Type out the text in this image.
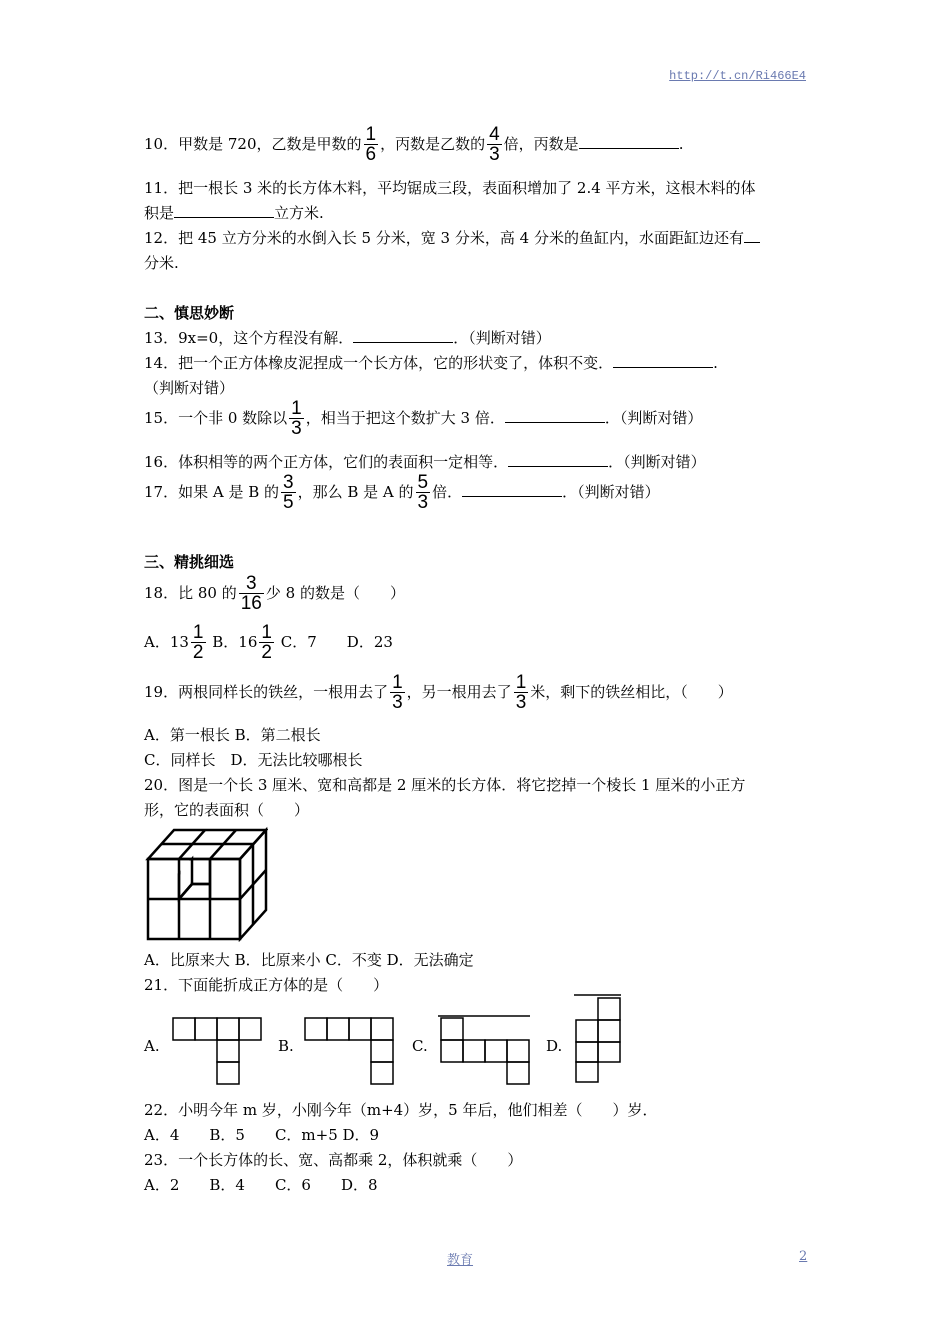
http://t.cn/Ri466E4
10．甲数是 720，乙数是甲数的 $\frac{1}{6}$ ，丙数是乙数的 $\frac{4}{3}$ 倍，丙数是	.
11．把一根长 3 米的长方体木料，平均锯成三段，表面积增加了 2.4 平方米，这根木料的体
积是	立方米.
12．把 45 立方分米的水倒入长 5 分米，宽 3 分米，高 4 分米的鱼缸内，水面距缸边还有
分米.
二、慎思妙断
13．9x=0，这个方程没有解．	．（判断对错）
14．把一个正方体橡皮泥捏成一个长方体，它的形状变了，体积不变．	.
（判断对错）
15．一个非 0 数除以 $\frac{1}{3}$ ，相当于把这个数扩大 3 倍．	．（判断对错）
16．体积相等的两个正方体，它们的表面积一定相等．	．（判断对错）
17．如果 A 是 B 的 $\frac{3}{5}$ ，那么 B 是 A 的 $\frac{5}{3}$ 倍．	．（判断对错）
三、精挑细选
18．比 80 的 $\frac{3}{16}$ 少 8 的数是（　　）
A．$13 \frac{1}{2}$ B．$16 \frac{1}{2}$ C．7　　D．23
19．两根同样长的铁丝，一根用去了 $\frac{1}{3}$ ，另一根用去了 $\frac{1}{3}$ 米，剩下的铁丝相比，（　　）
A．第一根长 B．第二根长
C．同样长　D．无法比较哪根长
20．图是一个长 3 厘米、宽和高都是 2 厘米的长方体．将它挖掉一个棱长 1 厘米的小正方
形，它的表面积（　　）
A．比原来大 B．比原来小 C．不变 D．无法确定
21．下面能折成正方体的是（　　）
A.	B.	C.	D.
22．小明今年 m 岁，小刚今年（m+4）岁，5 年后，他们相差（　　）岁．
A．4　　B．5　　C．m+5 D．9
23．一个长方体的长、宽、高都乘 2，体积就乘（　　）
A．2　　B．4　　C．6　　D．8
教育	2
